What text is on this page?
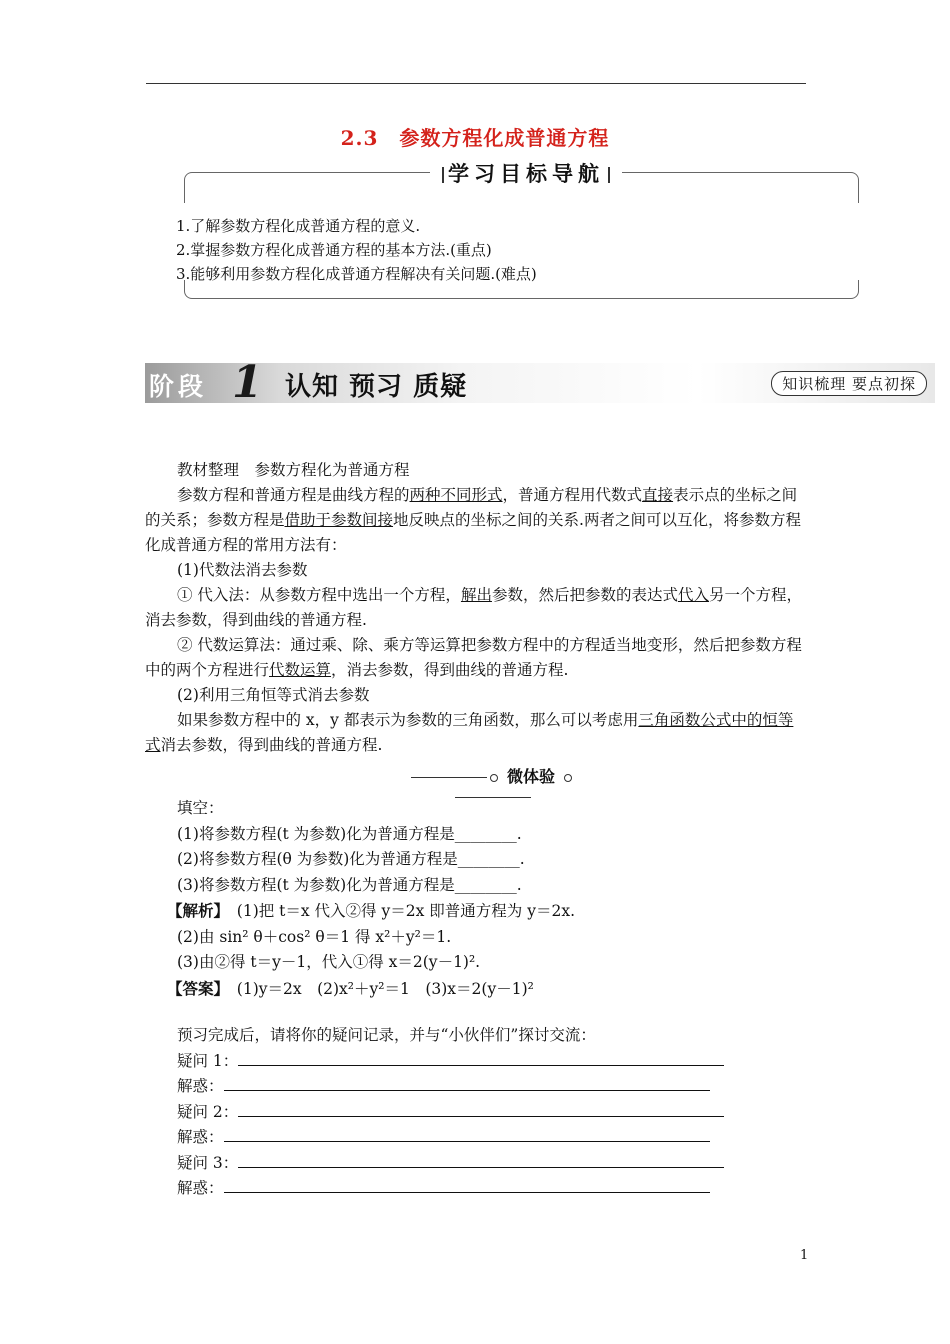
2.3　参数方程化成普通方程
学习目标导航
1.了解参数方程化成普通方程的意义.
2.掌握参数方程化成普通方程的基本方法.(重点)
3.能够利用参数方程化成普通方程解决有关问题.(难点)
阶段 1 认知 预习 质疑	知识梳理 要点初探

教材整理　参数方程化为普通方程

参数方程和普通方程是曲线方程的两种不同形式，普通方程用代数式直接表示点的坐标之间的关系；参数方程是借助于参数间接地反映点的坐标之间的关系.两者之间可以互化，将参数方程化成普通方程的常用方法有：

(1)代数法消去参数

① 代入法：从参数方程中选出一个方程，解出参数，然后把参数的表达式代入另一个方程，消去参数，得到曲线的普通方程.

② 代数运算法：通过乘、除、乘方等运算把参数方程中的方程适当地变形，然后把参数方程中的两个方程进行代数运算，消去参数，得到曲线的普通方程.

(2)利用三角恒等式消去参数

如果参数方程中的 x，y 都表示为参数的三角函数，那么可以考虑用三角函数公式中的恒等式消去参数，得到曲线的普通方程.

微体验
填空：
(1)将参数方程(t 为参数)化为普通方程是________.
(2)将参数方程(θ 为参数)化为普通方程是________.
(3)将参数方程(t 为参数)化为普通方程是________.
【解析】　 (1)把 t＝x 代入②得 y＝2x 即普通方程为 y＝2x.
(2)由 sin² θ＋cos² θ＝1 得 x²＋y²＝1.
(3)由②得 t＝y－1，代入①得 x＝2(y－1)².
【答案】　 (1)y＝2x　(2)x²＋y²＝1　(3)x＝2(y－1)²
预习完成后，请将你的疑问记录，并与“小伙伴们”探讨交流：
疑问 1：
解惑：
疑问 2：
解惑：
疑问 3：
解惑：
1
